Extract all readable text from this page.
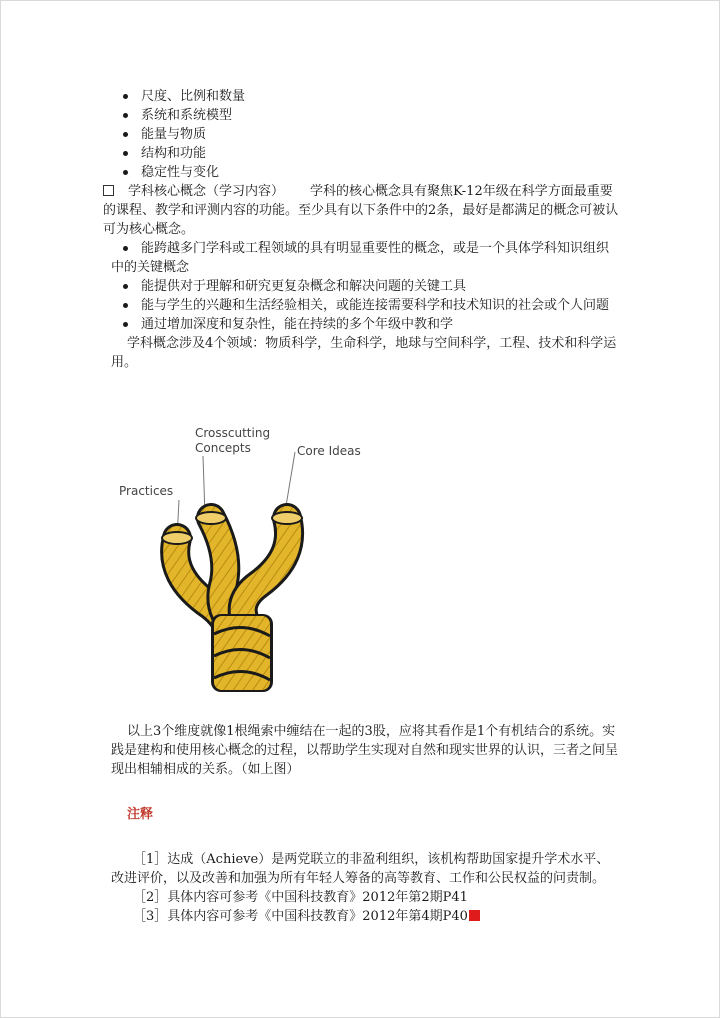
尺度、比例和数量
系统和系统模型
能量与物质
结构和功能
稳定性与变化
学科核心概念（学习内容） 学科的核心概念具有聚焦K-12年级在科学方面最重要的课程、教学和评测内容的功能。至少具有以下条件中的2条，最好是都满足的概念可被认可为核心概念。
能跨越多门学科或工程领域的具有明显重要性的概念，或是一个具体学科知识组织中的关键概念
能提供对于理解和研究更复杂概念和解决问题的关键工具
能与学生的兴趣和生活经验相关，或能连接需要科学和技术知识的社会或个人问题
通过增加深度和复杂性，能在持续的多个年级中教和学
学科概念涉及4个领域：物质科学，生命科学，地球与空间科学，工程、技术和科学运用。
Practices
Crosscutting
Concepts	Core Ideas
以上3个维度就像1根绳索中缠结在一起的3股，应将其看作是1个有机结合的系统。实践是建构和使用核心概念的过程，以帮助学生实现对自然和现实世界的认识，三者之间呈现出相辅相成的关系。（如上图）
注释
［1］达成（Achieve）是两党联立的非盈利组织，该机构帮助国家提升学术水平、改进评价，以及改善和加强为所有年轻人筹备的高等教育、工作和公民权益的问责制。
［2］具体内容可参考《中国科技教育》2012年第2期P41
［3］具体内容可参考《中国科技教育》2012年第4期P40
